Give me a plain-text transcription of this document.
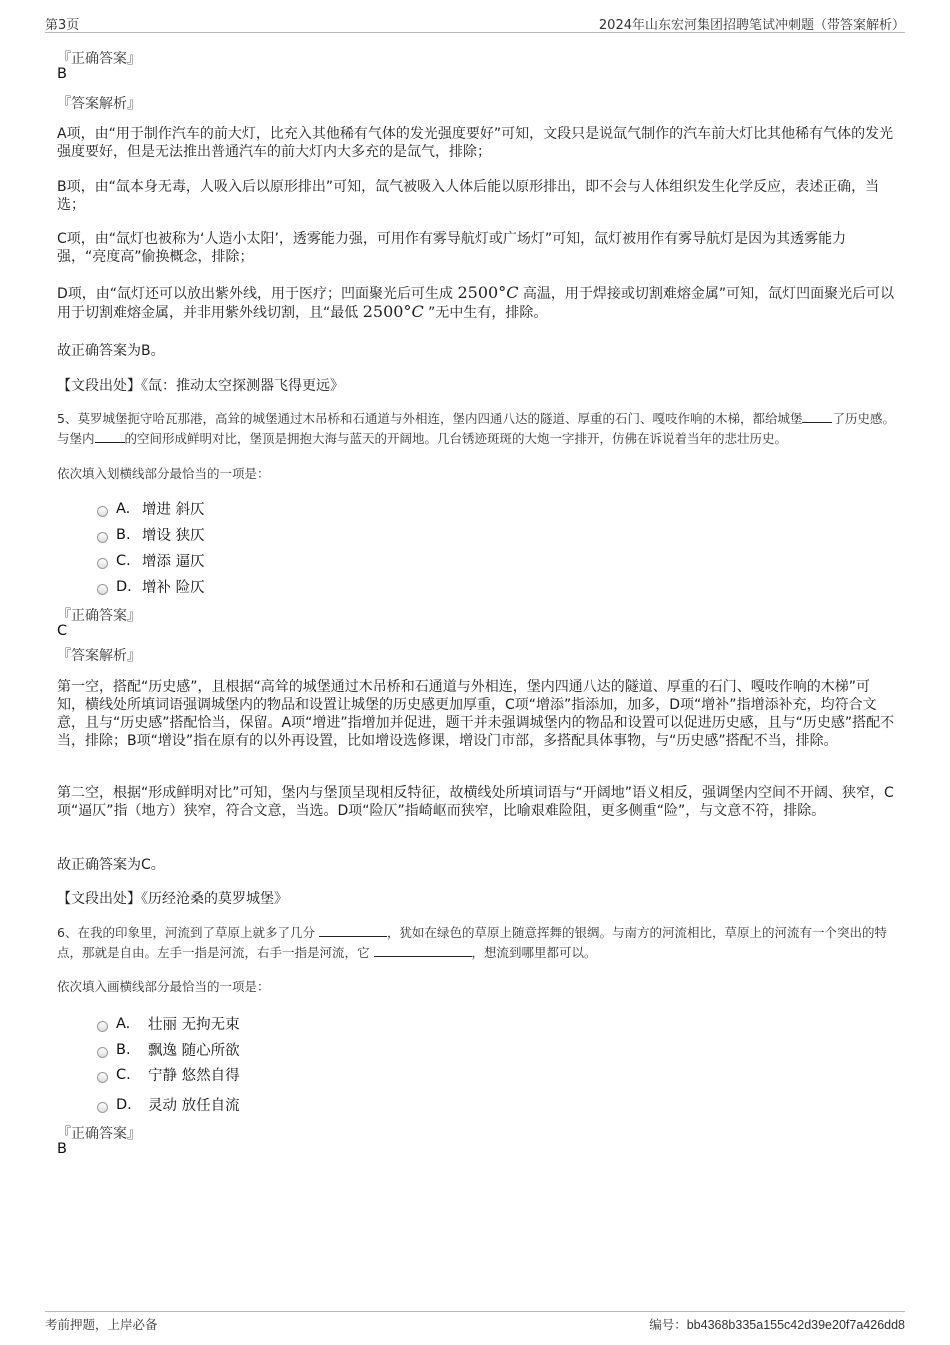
第3页	2024年山东宏河集团招聘笔试冲刺题（带答案解析）
『正确答案』
B
『答案解析』
A项，由“用于制作汽车的前大灯，比充入其他稀有气体的发光强度要好”可知，文段只是说氙气制作的汽车前大灯比其他稀有气体的发光强度要好，但是无法推出普通汽车的前大灯内大多充的是氙气，排除；
B项，由“氙本身无毒，人吸入后以原形排出”可知，氙气被吸入人体后能以原形排出，即不会与人体组织发生化学反应，表述正确，当选；
C项，由“氙灯也被称为‘人造小太阳’，透雾能力强，可用作有雾导航灯或广场灯”可知，氙灯被用作有雾导航灯是因为其透雾能力强，“亮度高”偷换概念，排除；
D项，由“氙灯还可以放出紫外线，用于医疗；凹面聚光后可生成 2500°C 高温，用于焊接或切割难熔金属”可知，氙灯凹面聚光后可以用于切割难熔金属，并非用紫外线切割，且“最低 2500°C ”无中生有，排除。
故正确答案为B。
【文段出处】《氙：推动太空探测器飞得更远》
5、莫罗城堡扼守哈瓦那港，高耸的城堡通过木吊桥和石通道与外相连，堡内四通八达的隧道、厚重的石门、嘎吱作响的木梯，都给城堡 了历史感。与堡内 的空间形成鲜明对比，堡顶是拥抱大海与蓝天的开阔地。几台锈迹斑斑的大炮一字排开，仿佛在诉说着当年的悲壮历史。
依次填入划横线部分最恰当的一项是：
A. 增进 斜仄
B. 增设 狭仄
C. 增添 逼仄
D. 增补 险仄
『正确答案』
C
『答案解析』
第一空，搭配“历史感”，且根据“高耸的城堡通过木吊桥和石通道与外相连，堡内四通八达的隧道、厚重的石门、嘎吱作响的木梯”可知，横线处所填词语强调城堡内的物品和设置让城堡的历史感更加厚重，C项“增添”指添加，加多，D项“增补”指增添补充，均符合文意，且与“历史感”搭配恰当，保留。A项“增进”指增加并促进，题干并未强调城堡内的物品和设置可以促进历史感，且与“历史感”搭配不当，排除；B项“增设”指在原有的以外再设置，比如增设选修课，增设门市部，多搭配具体事物，与“历史感”搭配不当，排除。
第二空，根据“形成鲜明对比”可知，堡内与堡顶呈现相反特征，故横线处所填词语与“开阔地”语义相反，强调堡内空间不开阔、狭窄，C项“逼仄”指（地方）狭窄，符合文意，当选。D项“险仄”指崎岖而狭窄，比喻艰难险阻，更多侧重“险”，与文意不符，排除。
故正确答案为C。
【文段出处】《历经沧桑的莫罗城堡》
6、在我的印象里，河流到了草原上就多了几分	，犹如在绿色的草原上随意挥舞的银绸。与南方的河流相比，草原上的河流有一个突出的特点，那就是自由。左手一指是河流，右手一指是河流，它	，想流到哪里都可以。
依次填入画横线部分最恰当的一项是：
A.	壮丽 无拘无束
B.	飘逸 随心所欲
C.	宁静 悠然自得
D.	灵动 放任自流
『正确答案』
B
考前押题，上岸必备	编号：bb4368b335a155c42d39e20f7a426dd8
